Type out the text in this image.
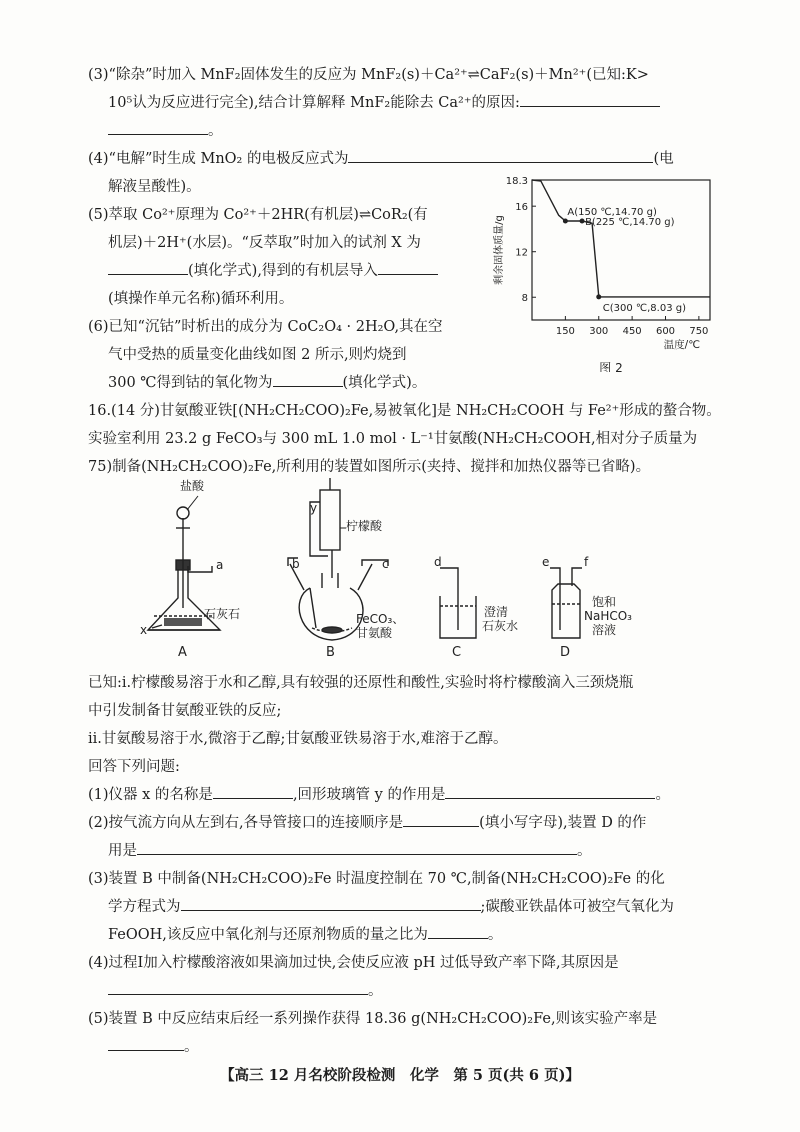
(3)“除杂”时加入 MnF₂固体发生的反应为 MnF₂(s)＋Ca²⁺⇌CaF₂(s)＋Mn²⁺(已知:K>
10⁵认为反应进行完全),结合计算解释 MnF₂能除去 Ca²⁺的原因:
。
(4)“电解”时生成 MnO₂ 的电极反应式为	(电
解液呈酸性)。
(5)萃取 Co²⁺原理为 Co²⁺＋2HR(有机层)⇌CoR₂(有
机层)＋2H⁺(水层)。“反萃取”时加入的试剂 X 为
(填化学式),得到的有机层导入
(填操作单元名称)循环利用。
(6)已知“沉钴”时析出的成分为 CoC₂O₄ · 2H₂O,其在空
气中受热的质量变化曲线如图 2 所示,则灼烧到
300 ℃得到钴的氧化物为	(填化学式)。
150 300 450 600 750
8
12
16
18.3
温度/℃
剩余固体质量/g
A(150 ℃,14.70 g)
B(225 ℃,14.70 g)
C(300 ℃,8.03 g)
图 2
16.(14 分)甘氨酸亚铁[(NH₂CH₂COO)₂Fe,易被氧化]是 NH₂CH₂COOH 与 Fe²⁺形成的螯合物。
实验室利用 23.2 g FeCO₃与 300 mL 1.0 mol · L⁻¹甘氨酸(NH₂CH₂COOH,相对分子质量为
75)制备(NH₂CH₂COO)₂Fe,所利用的装置如图所示(夹持、搅拌和加热仪器等已省略)。
盐酸
a
石灰石
x
A
y
柠檬酸
b	c
FeCO₃、
甘氨酸
B
d
澄清
石灰水
C
e	f
饱和
NaHCO₃
溶液
D
已知:ⅰ.柠檬酸易溶于水和乙醇,具有较强的还原性和酸性,实验时将柠檬酸滴入三颈烧瓶
中引发制备甘氨酸亚铁的反应;
ⅱ.甘氨酸易溶于水,微溶于乙醇;甘氨酸亚铁易溶于水,难溶于乙醇。
回答下列问题:
(1)仪器 x 的名称是	,回形玻璃管 y 的作用是	。
(2)按气流方向从左到右,各导管接口的连接顺序是	(填小写字母),装置 D 的作
用是	。
(3)装置 B 中制备(NH₂CH₂COO)₂Fe 时温度控制在 70 ℃,制备(NH₂CH₂COO)₂Fe 的化
学方程式为	;碳酸亚铁晶体可被空气氧化为
FeOOH,该反应中氧化剂与还原剂物质的量之比为	。
(4)过程Ⅰ加入柠檬酸溶液如果滴加过快,会使反应液 pH 过低导致产率下降,其原因是
。
(5)装置 B 中反应结束后经一系列操作获得 18.36 g(NH₂CH₂COO)₂Fe,则该实验产率是
。
【高三 12 月名校阶段检测　化学　第 5 页(共 6 页)】
